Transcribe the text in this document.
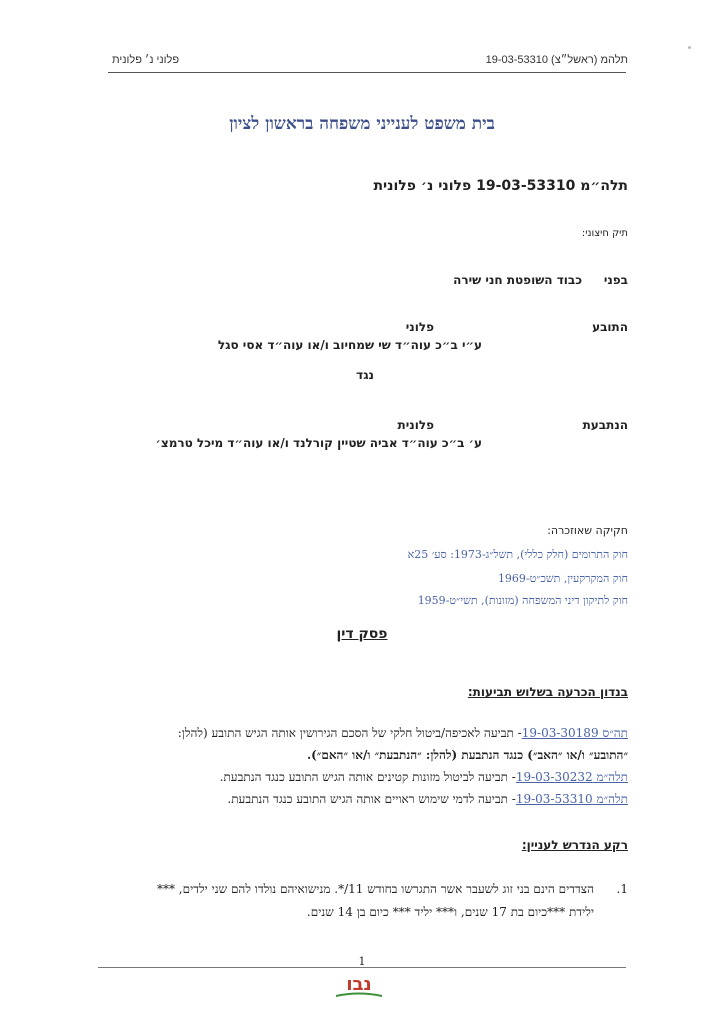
תלהמ (ראשל״צ) 19-03-53310
פלוני נ׳ פלונית
בית משפט לענייני משפחה בראשון לציון
תלה״מ 19-03-53310 פלוני נ׳ פלונית
תיק חיצוני:
בפני
כבוד השופטת חני שירה
התובע
פלוני
ע״י ב״כ עוה״ד שי שמחיוב ו/או עוה״ד אסי סגל
נגד
הנתבעת
פלונית
ע׳ ב״כ עוה״ד אביה שטיין קורלנד ו/או עוה״ד מיכל טרמצ׳
חקיקה שאוזכרה:
חוק התרומים (חלק כללי), תשל״ג-1973: סע׳ 25א
חוק המקרקעין, תשכ״ט-1969
חוק לתיקון דיני המשפחה (מזונות), תשי״ט-1959
פסק דין
בנדון הכרעה בשלוש תביעות:
תה״ס 19-03-30189- תביעה לאכיפה/ביטול חלקי של הסכם הגירושין אותה הגיש התובע (להלן:
״התובע״ ו/או ״האב״) כנגד הנתבעת (להלן: ״הנתבעת״ ו/או ״האם״).
תלה״מ 19-03-30232- תביעה לביטול מזונות קטינים אותה הגיש התובע כנגד הנתבעת.
תלה״מ 19-03-53310- תביעה לדמי שימוש ראויים אותה הגיש התובע כנגד הנתבעת.
רקע הנדרש לעניין:
1.
הצדדים הינם בני זוג לשעבר אשר התגרשו בחודש 11/*. מנישואיהם נולדו להם שני ילדים, ***
ילידת ***כיום בת 17 שנים, ו*** יליד *** כיום בן 14 שנים.
1
נבו
